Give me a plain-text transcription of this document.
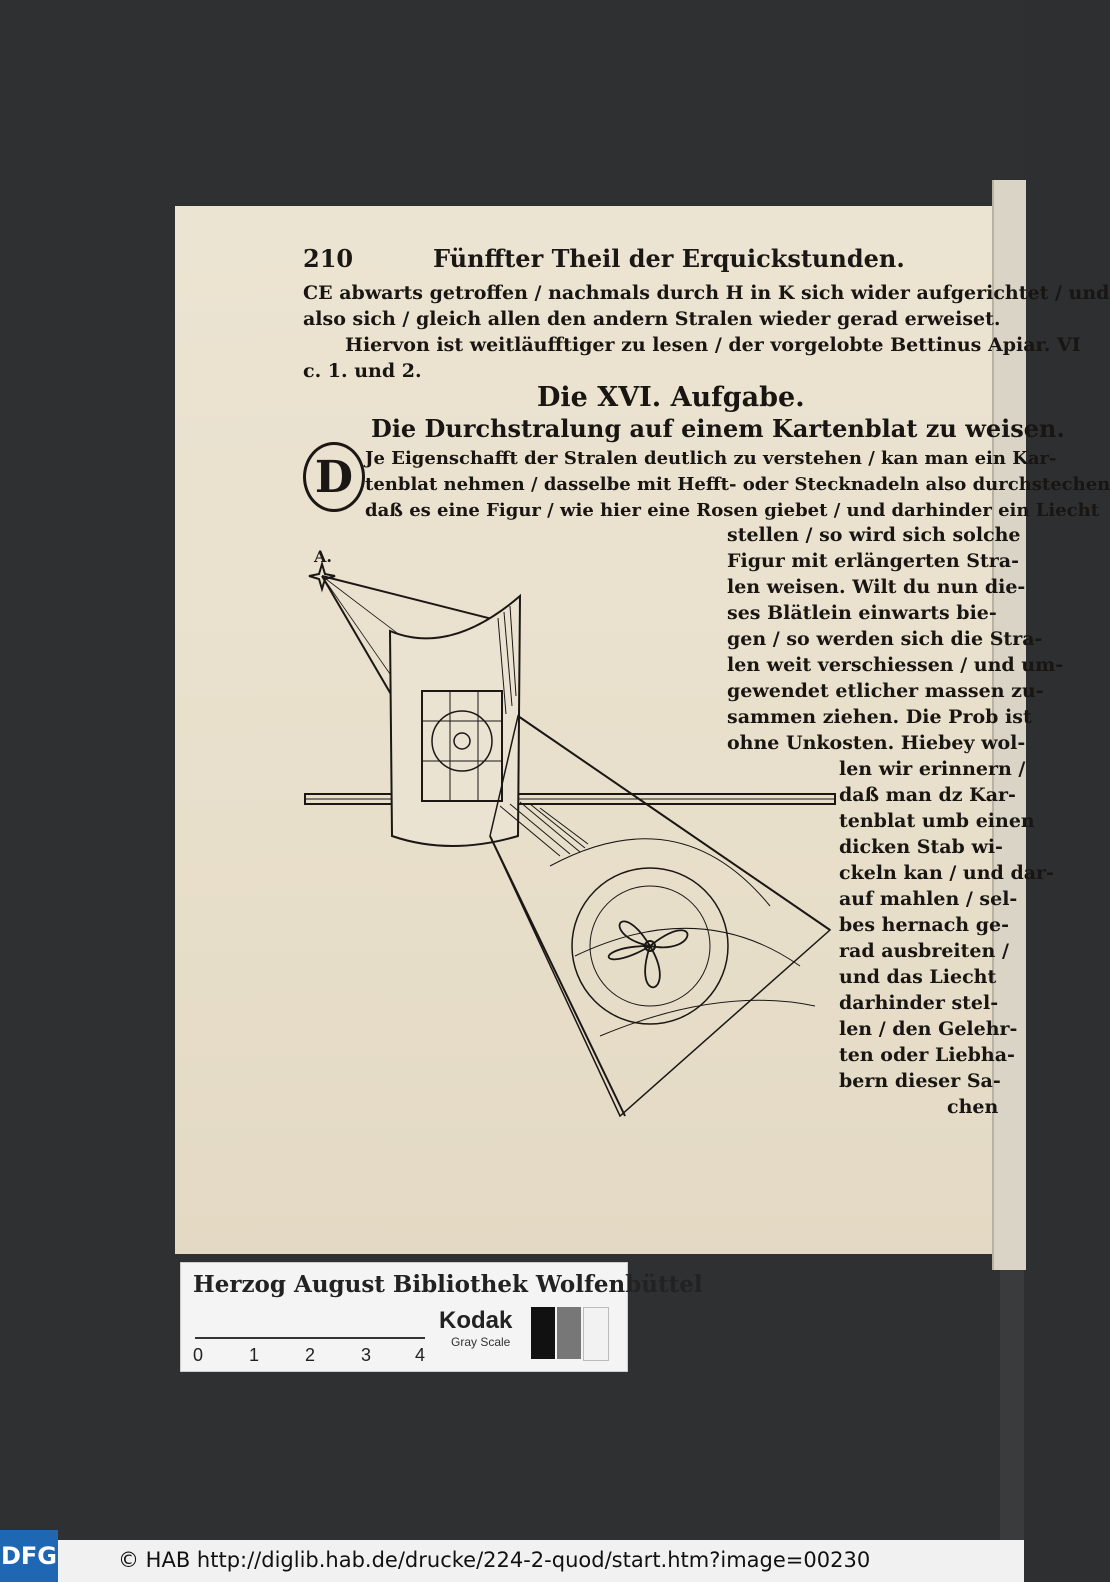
210	Fünffter Theil der Erquickstunden.
CE abwarts getroffen / nachmals durch H in K sich wider aufgerichtet / und
also sich / gleich allen den andern Stralen wieder gerad erweiset.
Hiervon ist weitläufftiger zu lesen / der vorgelobte Bettinus Apiar. VI
c. 1. und 2.
Die XVI. Aufgabe.
Die Durchstralung auf einem Kartenblat zu weisen.
D Je Eigenschafft der Stralen deutlich zu verstehen / kan man ein Kar-
tenblat nehmen / dasselbe mit Hefft- oder Stecknadeln also durchstechen
daß es eine Figur / wie hier eine Rosen giebet / und darhinder ein Liecht
stellen / so wird sich solche
Figur mit erlängerten Stra-
len weisen. Wilt du nun die-
ses Blätlein einwarts bie-
gen / so werden sich die Stra-
len weit verschiessen / und um-
gewendet etlicher massen zu-
sammen ziehen. Die Prob ist
ohne Unkosten. Hiebey wol-
len wir erinnern /
daß man dz Kar-
tenblat umb einen
dicken Stab wi-
ckeln kan / und dar-
auf mahlen / sel-
bes hernach ge-
rad ausbreiten /
und das Liecht
darhinder stel-
len / den Gelehr-
ten oder Liebha-
bern dieser Sa-
chen
A.
Herzog August Bibliothek Wolfenbüttel
0	1	2	3 4
Kodak
Gray Scale
DFG	© HAB http://diglib.hab.de/drucke/224-2-quod/start.htm?image=00230
